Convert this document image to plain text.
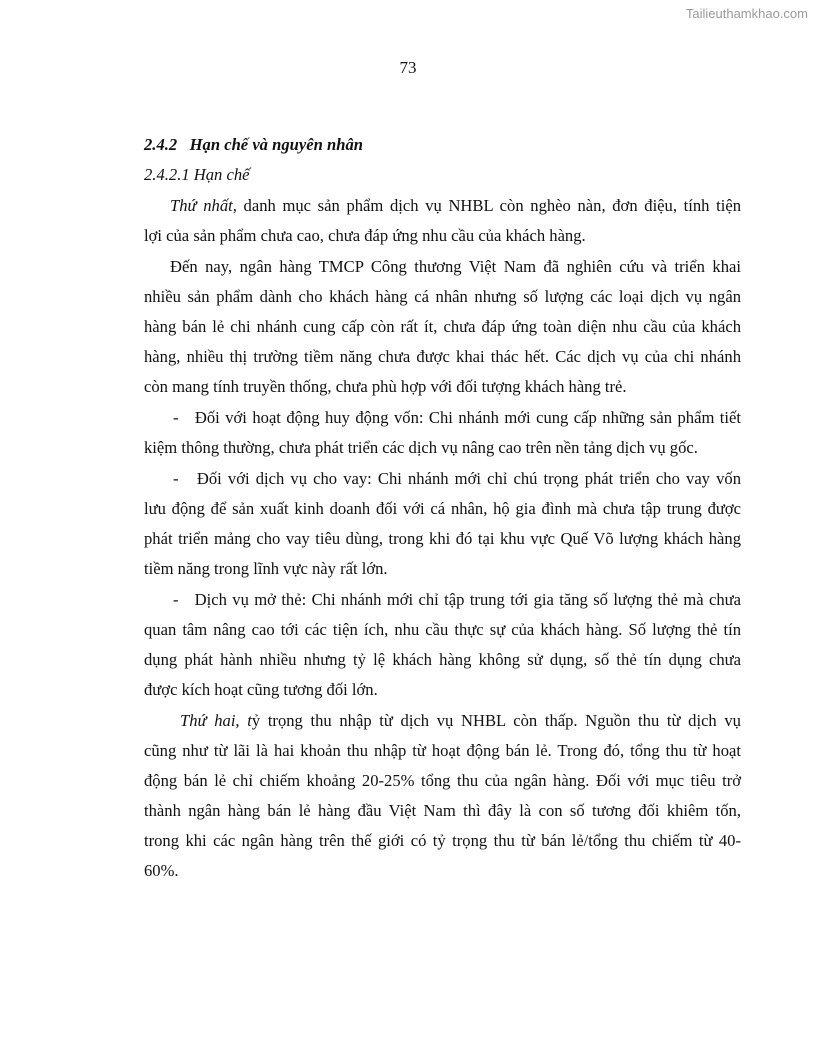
Tailieuthamkhao.com
73
2.4.2   Hạn chế và nguyên nhân
2.4.2.1 Hạn chế
Thứ nhất, danh mục sản phẩm dịch vụ NHBL còn nghèo nàn, đơn điệu, tính tiện
lợi của sản phẩm chưa cao, chưa đáp ứng nhu cầu của khách hàng.
Đến nay, ngân hàng TMCP Công thương Việt Nam đã nghiên cứu và triển khai
nhiều sản phẩm dành cho khách hàng cá nhân nhưng số lượng các loại dịch vụ ngân
hàng bán lẻ chi nhánh cung cấp còn rất ít, chưa đáp ứng toàn diện nhu cầu của khách
hàng, nhiều thị trường tiềm năng chưa được khai thác hết. Các dịch vụ của chi nhánh
còn mang tính truyền thống, chưa phù hợp với đối tượng khách hàng trẻ.
-   Đối với hoạt động huy động vốn: Chi nhánh mới cung cấp những sản phẩm tiết
kiệm thông thường, chưa phát triển các dịch vụ nâng cao trên nền tảng dịch vụ gốc.
-   Đối với dịch vụ cho vay: Chi nhánh mới chỉ chú trọng phát triển cho vay vốn
lưu động để sản xuất kinh doanh đối với cá nhân, hộ gia đình mà chưa tập trung được
phát triển mảng cho vay tiêu dùng, trong khi đó tại khu vực Quế Võ lượng khách hàng
tiềm năng trong lĩnh vực này rất lớn.
-   Dịch vụ mở thẻ: Chi nhánh mới chỉ tập trung tới gia tăng số lượng thẻ mà chưa
quan tâm nâng cao tới các tiện ích, nhu cầu thực sự của khách hàng. Số lượng thẻ tín
dụng phát hành nhiều nhưng tỷ lệ khách hàng không sử dụng, số thẻ tín dụng chưa
được kích hoạt cũng tương đối lớn.
Thứ hai, tỷ trọng thu nhập từ dịch vụ NHBL còn thấp. Nguồn thu từ dịch vụ
cũng như từ lãi là hai khoản thu nhập từ hoạt động bán lẻ. Trong đó, tổng thu từ hoạt
động bán lẻ chỉ chiếm khoảng 20-25% tổng thu của ngân hàng. Đối với mục tiêu trở
thành ngân hàng bán lẻ hàng đầu Việt Nam thì đây là con số tương đối khiêm tốn,
trong khi các ngân hàng trên thế giới có tỷ trọng thu từ bán lẻ/tổng thu chiếm từ 40-
60%.
